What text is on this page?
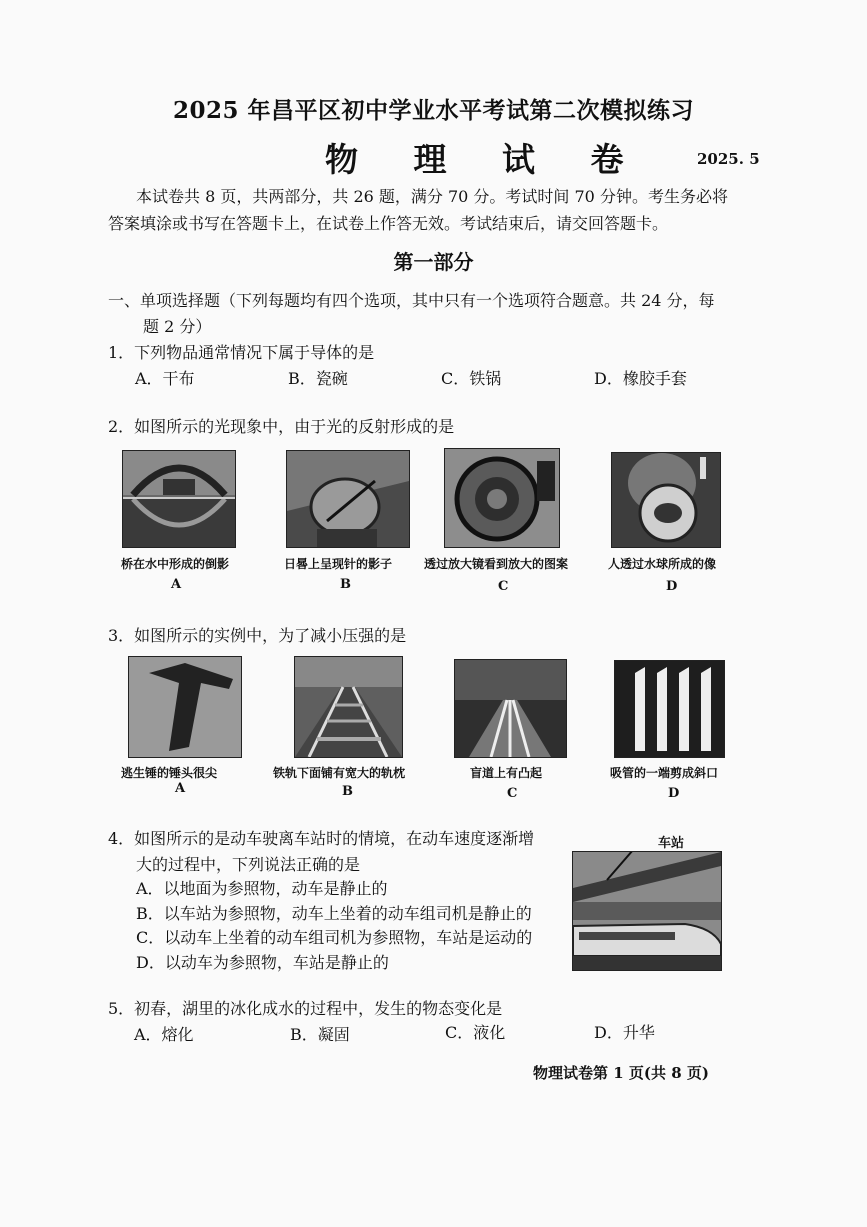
2025 年昌平区初中学业水平考试第二次模拟练习
物 理 试 卷	2025. 5
本试卷共 8 页，共两部分，共 26 题，满分 70 分。考试时间 70 分钟。考生务必将
答案填涂或书写在答题卡上，在试卷上作答无效。考试结束后，请交回答题卡。
第一部分
一、单项选择题（下列每题均有四个选项，其中只有一个选项符合题意。共 24 分，每
题 2 分）
1．下列物品通常情况下属于导体的是
A．干布	B．瓷碗	C．铁锅	D．橡胶手套
2．如图所示的光现象中，由于光的反射形成的是
桥在水中形成的倒影	日晷上呈现针的影子	透过放大镜看到放大的图案	人透过水球所成的像
A	B	C	D
3．如图所示的实例中，为了减小压强的是
逃生锤的锤头很尖	铁轨下面铺有宽大的轨枕	盲道上有凸起	吸管的一端剪成斜口
A	B	C	D
4．如图所示的是动车驶离车站时的情境，在动车速度逐渐增
大的过程中，下列说法正确的是
A．以地面为参照物，动车是静止的
B．以车站为参照物，动车上坐着的动车组司机是静止的
C．以动车上坐着的动车组司机为参照物，车站是运动的
D．以动车为参照物，车站是静止的
车站
5．初春，湖里的冰化成水的过程中，发生的物态变化是
A．熔化	B．凝固	C．液化	D．升华
物理试卷第 1 页(共 8 页)
